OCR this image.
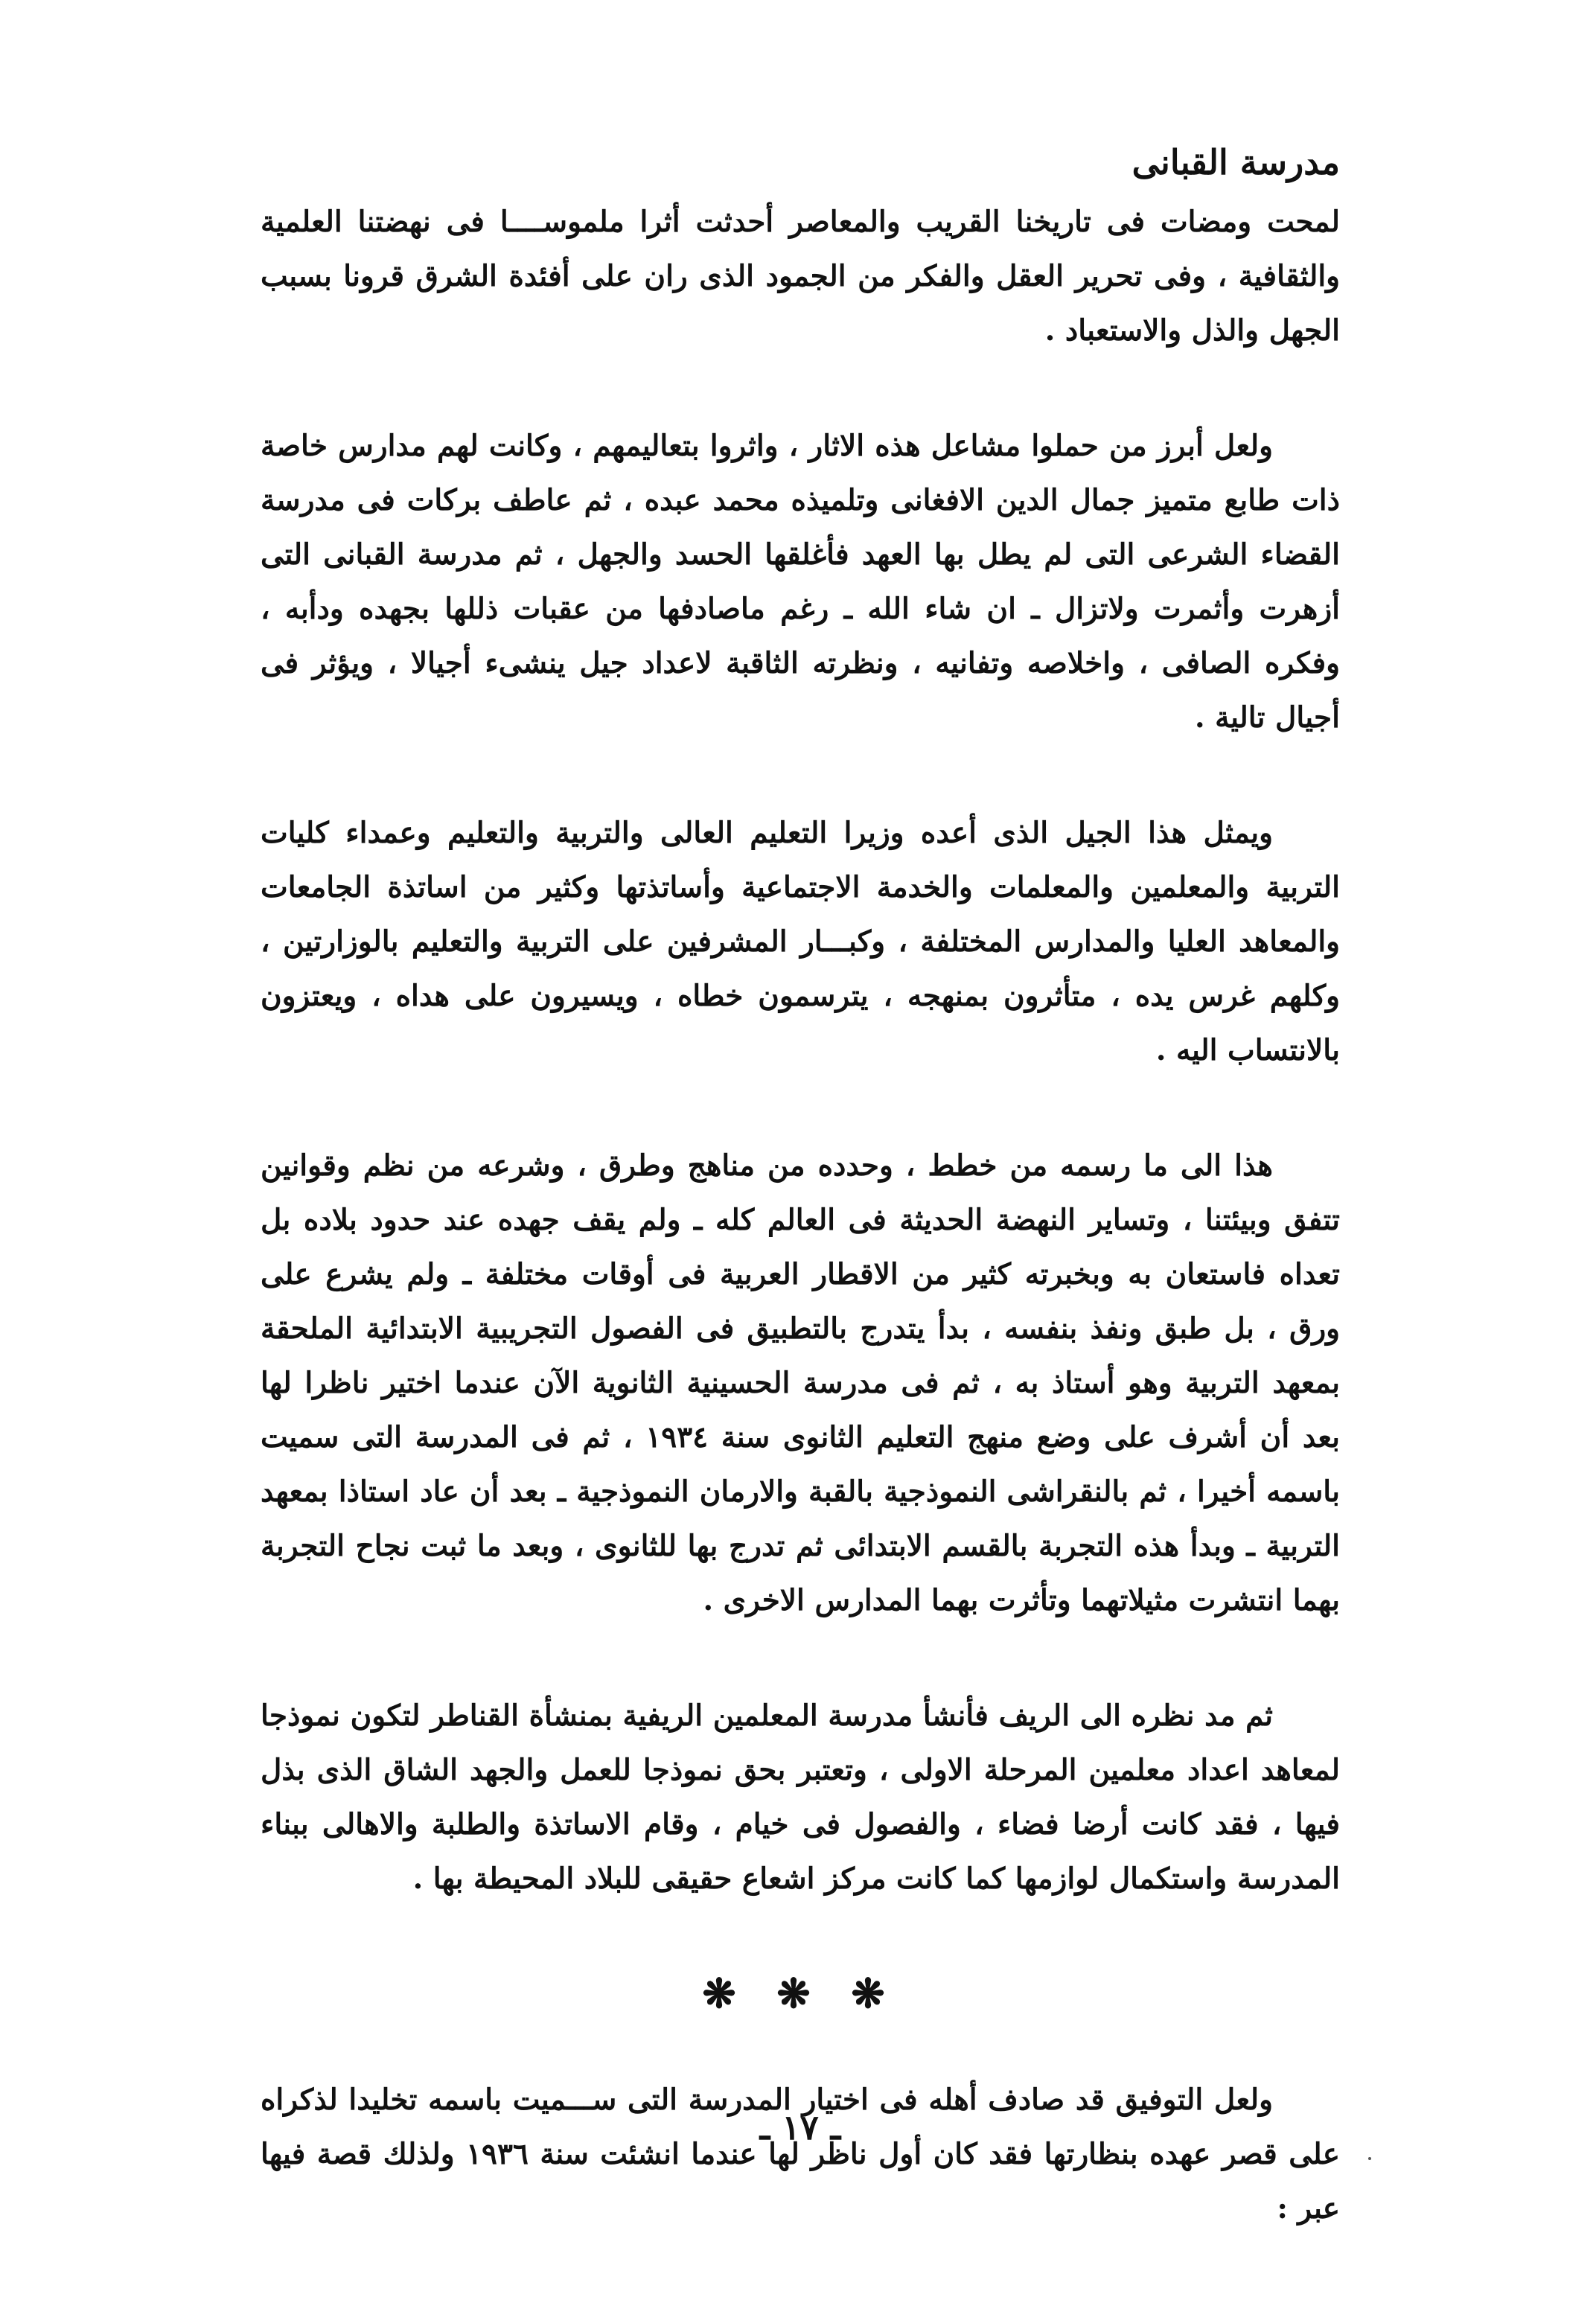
مدرسة القبانى

لمحت ومضات فى تاريخنا القريب والمعاصر أحدثت أثرا ملموســــا فى نهضتنا العلمية والثقافية ، وفى تحرير العقل والفكر من الجمود الذى ران على أفئدة الشرق قرونا بسبب الجهل والذل والاستعباد .

ولعل أبرز من حملوا مشاعل هذه الاثار ، واثروا بتعاليمهم ، وكانت لهم مدارس خاصة ذات طابع متميز جمال الدين الافغانى وتلميذه محمد عبده ، ثم عاطف بركات فى مدرسة القضاء الشرعى التى لم يطل بها العهد فأغلقها الحسد والجهل ، ثم مدرسة القبانى التى أزهرت وأثمرت ولاتزال ـ ان شاء الله ـ رغم ماصادفها من عقبات ذللها بجهده ودأبه ، وفكره الصافى ، واخلاصه وتفانيه ، ونظرته الثاقبة لاعداد جيل ينشىء أجيالا ، ويؤثر فى أجيال تالية .

ويمثل هذا الجيل الذى أعده وزيرا التعليم العالى والتربية والتعليم وعمداء كليات التربية والمعلمين والمعلمات والخدمة الاجتماعية وأساتذتها وكثير من اساتذة الجامعات والمعاهد العليا والمدارس المختلفة ، وكبـــار المشرفين على التربية والتعليم بالوزارتين ، وكلهم غرس يده ، متأثرون بمنهجه ، يترسمون خطاه ، ويسيرون على هداه ، ويعتزون بالانتساب اليه .

هذا الى ما رسمه من خطط ، وحدده من مناهج وطرق ، وشرعه من نظم وقوانين تتفق وبيئتنا ، وتساير النهضة الحديثة فى العالم كله ـ ولم يقف جهده عند حدود بلاده بل تعداه فاستعان به وبخبرته كثير من الاقطار العربية فى أوقات مختلفة ـ ولم يشرع على ورق ، بل طبق ونفذ بنفسه ، بدأ يتدرج بالتطبيق فى الفصول التجريبية الابتدائية الملحقة بمعهد التربية وهو أستاذ به ، ثم فى مدرسة الحسينية الثانوية الآن عندما اختير ناظرا لها بعد أن أشرف على وضع منهج التعليم الثانوى سنة ١٩٣٤ ، ثم فى المدرسة التى سميت باسمه أخيرا ، ثم بالنقراشى النموذجية بالقبة والارمان النموذجية ـ بعد أن عاد استاذا بمعهد التربية ـ وبدأ هذه التجربة بالقسم الابتدائى ثم تدرج بها للثانوى ، وبعد ما ثبت نجاح التجربة بهما انتشرت مثيلاتهما وتأثرت بهما المدارس الاخرى .

ثم مد نظره الى الريف فأنشأ مدرسة المعلمين الريفية بمنشأة القناطر لتكون نموذجا لمعاهد اعداد معلمين المرحلة الاولى ، وتعتبر بحق نموذجا للعمل والجهد الشاق الذى بذل فيها ، فقد كانت أرضا فضاء ، والفصول فى خيام ، وقام الاساتذة والطلبة والاهالى ببناء المدرسة واستكمال لوازمها كما كانت مركز اشعاع حقيقى للبلاد المحيطة بها .

❋ ❋ ❋

ولعل التوفيق قد صادف أهله فى اختيار المدرسة التى ســـميت باسمه تخليدا لذكراه على قصر عهده بنظارتها فقد كان أول ناظر لها عندما انشئت سنة ١٩٣٦ ولذلك قصة فيها عبر :

ـ ١٧ ـ
